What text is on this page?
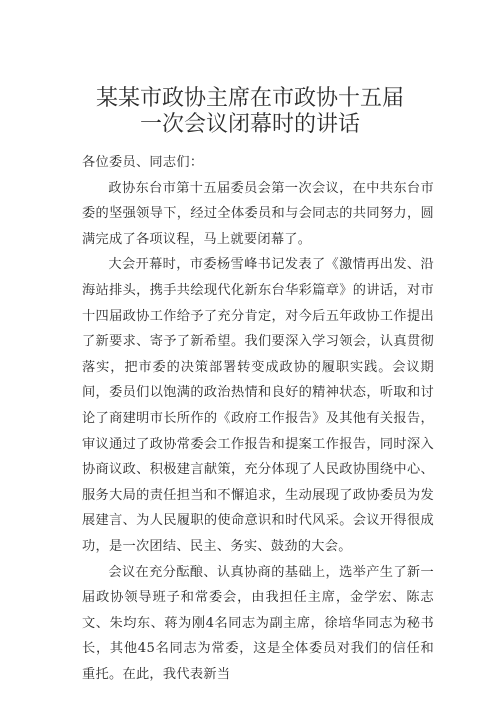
某某市政协主席在市政协十五届
一次会议闭幕时的讲话

各位委员、同志们：

政协东台市第十五届委员会第一次会议，在中共东台市委的坚强领导下，经过全体委员和与会同志的共同努力，圆满完成了各项议程，马上就要闭幕了。

大会开幕时，市委杨雪峰书记发表了《激情再出发、沿海站排头，携手共绘现代化新东台华彩篇章》的讲话，对市十四届政协工作给予了充分肯定，对今后五年政协工作提出了新要求、寄予了新希望。我们要深入学习领会，认真贯彻落实，把市委的决策部署转变成政协的履职实践。会议期间，委员们以饱满的政治热情和良好的精神状态，听取和讨论了商建明市长所作的《政府工作报告》及其他有关报告，审议通过了政协常委会工作报告和提案工作报告，同时深入协商议政、积极建言献策，充分体现了人民政协围绕中心、服务大局的责任担当和不懈追求，生动展现了政协委员为发展建言、为人民履职的使命意识和时代风采。会议开得很成功，是一次团结、民主、务实、鼓劲的大会。

会议在充分酝酿、认真协商的基础上，选举产生了新一届政协领导班子和常委会，由我担任主席，金学宏、陈志文、朱均东、蒋为刚4名同志为副主席，徐培华同志为秘书长，其他45名同志为常委，这是全体委员对我们的信任和重托。在此，我代表新当
